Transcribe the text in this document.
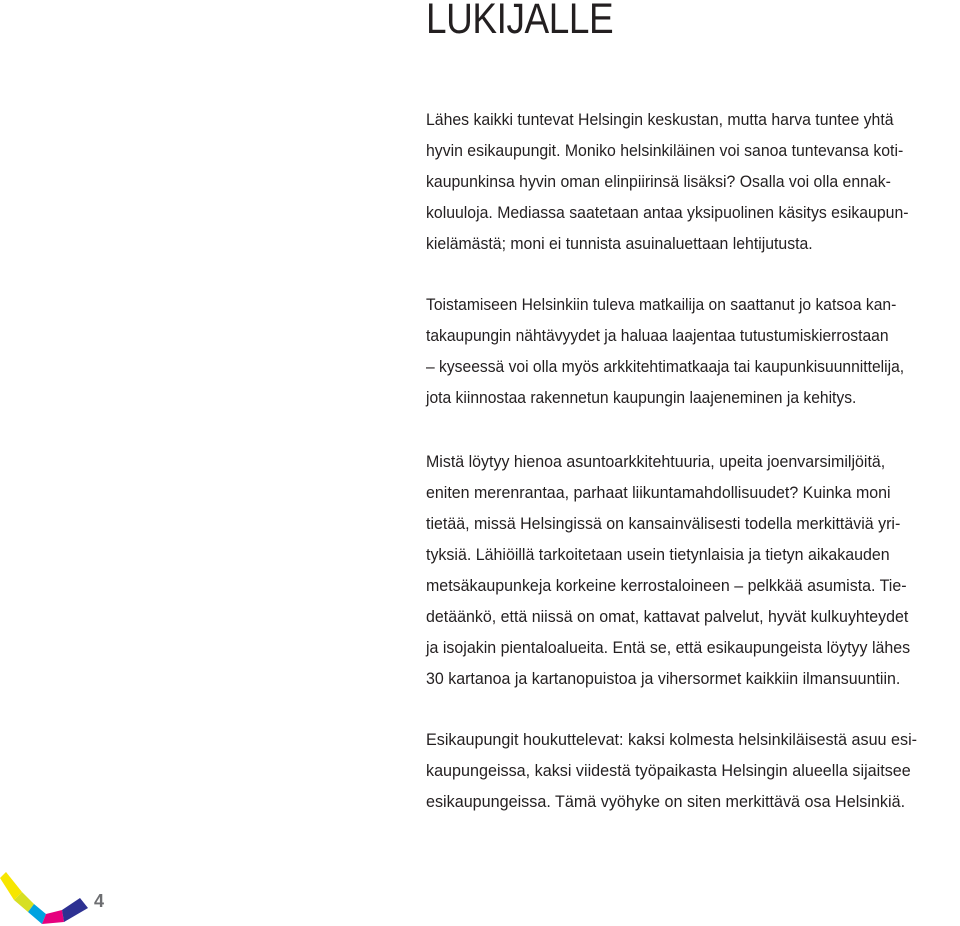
LUKIJALLE
Lähes kaikki tuntevat Helsingin keskustan, mutta harva tuntee yhtä
hyvin esikaupungit. Moniko helsinkiläinen voi sanoa tuntevansa koti-
kaupunkinsa hyvin oman elinpiirinsä lisäksi? Osalla voi olla ennak-
koluuloja. Mediassa saatetaan antaa yksipuolinen käsitys esikaupun-
kielämästä; moni ei tunnista asuinaluettaan lehtijutusta.
Toistamiseen Helsinkiin tuleva matkailija on saattanut jo katsoa kan-
takaupungin nähtävyydet ja haluaa laajentaa tutustumiskierrostaan
– kyseessä voi olla myös arkkitehtimatkaaja tai kaupunkisuunnittelija,
jota kiinnostaa rakennetun kaupungin laajeneminen ja kehitys.
Mistä löytyy hienoa asuntoarkkitehtuuria, upeita joenvarsimiljöitä,
eniten merenrantaa, parhaat liikuntamahdollisuudet? Kuinka moni
tietää, missä Helsingissä on kansainvälisesti todella merkittäviä yri-
tyksiä. Lähiöillä tarkoitetaan usein tietynlaisia ja tietyn aikakauden
metsäkaupunkeja korkeine kerrostaloineen – pelkkää asumista. Tie-
detäänkö, että niissä on omat, kattavat palvelut, hyvät kulkuyhteydet
ja isojakin pientaloalueita. Entä se, että esikaupungeista löytyy lähes
30 kartanoa ja kartanopuistoa ja vihersormet kaikkiin ilmansuuntiin.
Esikaupungit houkuttelevat: kaksi kolmesta helsinkiläisestä asuu esi-
kaupungeissa, kaksi viidestä työpaikasta Helsingin alueella sijaitsee
esikaupungeissa. Tämä vyöhyke on siten merkittävä osa Helsinkiä.
4
